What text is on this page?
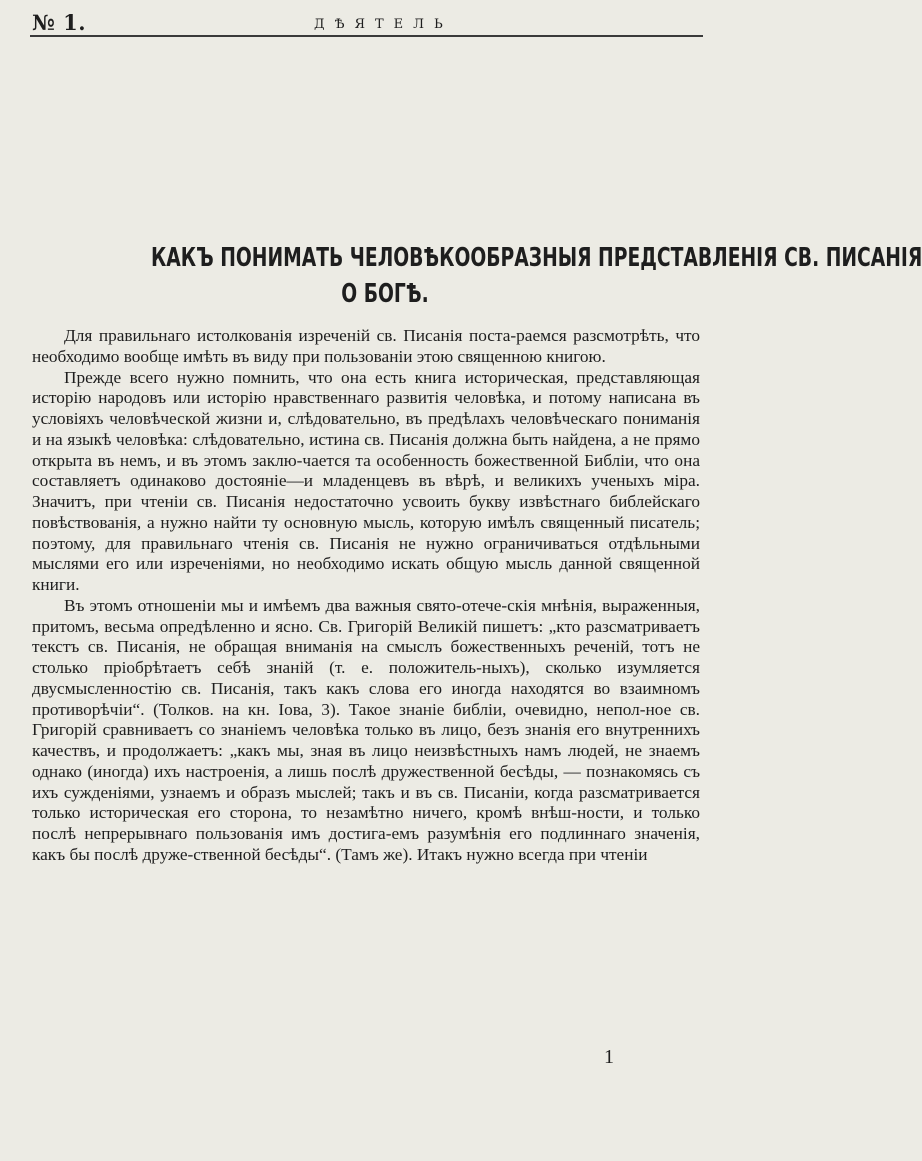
№ 1.	ДѢЯТЕЛЬ
КАКЪ ПОНИМАТЬ ЧЕЛОВѢКООБРАЗНЫЯ ПРЕДСТАВЛЕНІЯ СВ. ПИСАНІЯ
О БОГѢ.

Для правильнаго истолкованія изреченій св. Писанія поста-раемся разсмотрѣть, что необходимо вообще имѣть въ виду при пользованіи этою священною книгою.

Прежде всего нужно помнить, что она есть книга историческая, представляющая исторію народовъ или исторію нравственнаго развитія человѣка, и потому написана въ условіяхъ человѣческой жизни и, слѣдовательно, въ предѣлахъ человѣческаго пониманія и на языкѣ человѣка: слѣдовательно, истина св. Писанія должна быть найдена, а не прямо открыта въ немъ, и въ этомъ заклю-чается та особенность божественной Библіи, что она составляетъ одинаково достояніе—и младенцевъ въ вѣрѣ, и великихъ ученыхъ міра. Значитъ, при чтеніи св. Писанія недостаточно усвоить букву извѣстнаго библейскаго повѣствованія, а нужно найти ту основную мысль, которую имѣлъ священный писатель; поэтому, для правильнаго чтенія св. Писанія не нужно ограничиваться отдѣльными мыслями его или изреченіями, но необходимо искать общую мысль данной священной книги.

Въ этомъ отношеніи мы и имѣемъ два важныя свято-отече-скія мнѣнія, выраженныя, притомъ, весьма опредѣленно и ясно. Св. Григорій Великій пишетъ: „кто разсматриваетъ текстъ св. Писанія, не обращая вниманія на смыслъ божественныхъ реченій, тотъ не столько пріобрѣтаетъ себѣ знаній (т. е. положитель-ныхъ), сколько изумляется двусмысленностію св. Писанія, такъ какъ слова его иногда находятся во взаимномъ противорѣчіи“. (Толков. на кн. Іова, 3). Такое знаніе библіи, очевидно, непол-ное св. Григорій сравниваетъ со знаніемъ человѣка только въ лицо, безъ знанія его внутреннихъ качествъ, и продолжаетъ: „какъ мы, зная въ лицо неизвѣстныхъ намъ людей, не знаемъ однако (иногда) ихъ настроенія, а лишь послѣ дружественной бесѣды, — познакомясь съ ихъ сужденіями, узнаемъ и образъ мыслей; такъ и въ св. Писаніи, когда разсматривается только историческая его сторона, то незамѣтно ничего, кромѣ внѣш-ности, и только послѣ непрерывнаго пользованія имъ достига-емъ разумѣнія его подлиннаго значенія, какъ бы послѣ друже-ственной бесѣды“. (Тамъ же). Итакъ нужно всегда при чтеніи

1
